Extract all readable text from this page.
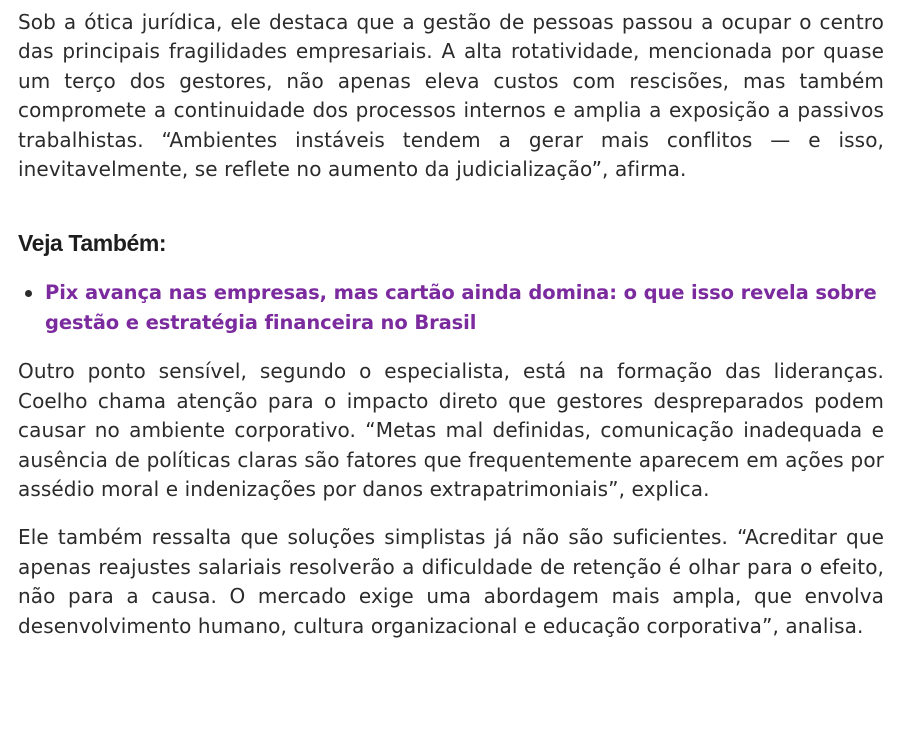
Sob a ótica jurídica, ele destaca que a gestão de pessoas passou a ocupar o centro das principais fragilidades empresariais. A alta rotatividade, mencionada por quase um terço dos gestores, não apenas eleva custos com rescisões, mas também compromete a continuidade dos processos internos e amplia a exposição a passivos trabalhistas. “Ambientes instáveis tendem a gerar mais conflitos — e isso, inevitavelmente, se reflete no aumento da judicialização”, afirma.

Veja Também:
Pix avança nas empresas, mas cartão ainda domina: o que isso revela sobre gestão e estratégia financeira no Brasil

Outro ponto sensível, segundo o especialista, está na formação das lideranças. Coelho chama atenção para o impacto direto que gestores despreparados podem causar no ambiente corporativo. “Metas mal definidas, comunicação inadequada e ausência de políticas claras são fatores que frequentemente aparecem em ações por assédio moral e indenizações por danos extrapatrimoniais”, explica.

Ele também ressalta que soluções simplistas já não são suficientes. “Acreditar que apenas reajustes salariais resolverão a dificuldade de retenção é olhar para o efeito, não para a causa. O mercado exige uma abordagem mais ampla, que envolva desenvolvimento humano, cultura organizacional e educação corporativa”, analisa.
